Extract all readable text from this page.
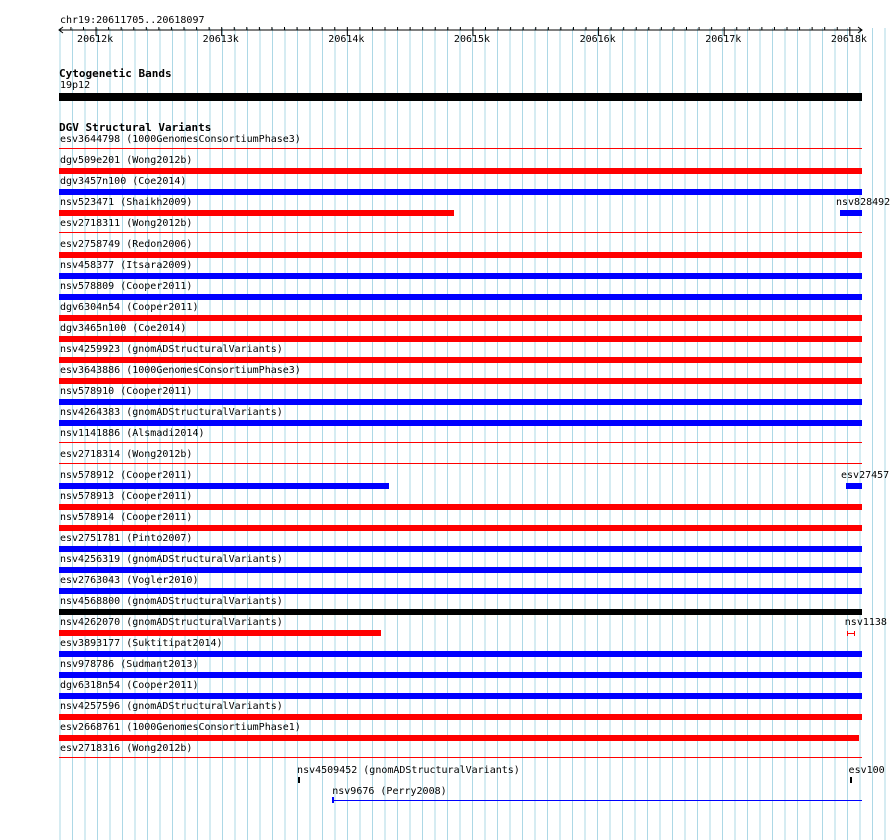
chr19:20611705..20618097
Cytogenetic Bands
19p12
DGV Structural Variants
esv3644798 (1000GenomesConsortiumPhase3)
dgv509e201 (Wong2012b)
dgv3457n100 (Coe2014)
nsv523471 (Shaikh2009)	nsv828492
esv2718311 (Wong2012b)
esv2758749 (Redon2006)
nsv458377 (Itsara2009)
nsv578809 (Cooper2011)
dgv6304n54 (Cooper2011)
dgv3465n100 (Coe2014)
nsv4259923 (gnomADStructuralVariants)
esv3643886 (1000GenomesConsortiumPhase3)
nsv578910 (Cooper2011)
nsv4264383 (gnomADStructuralVariants)
nsv1141886 (Alsmadi2014)
esv2718314 (Wong2012b)
nsv578912 (Cooper2011)	esv27457
nsv578913 (Cooper2011)
nsv578914 (Cooper2011)
esv2751781 (Pinto2007)
nsv4256319 (gnomADStructuralVariants)
esv2763043 (Vogler2010)
nsv4568800 (gnomADStructuralVariants)
nsv4262070 (gnomADStructuralVariants)	nsv1138
esv3893177 (Suktitipat2014)
nsv978786 (Sudmant2013)
dgv6318n54 (Cooper2011)
nsv4257596 (gnomADStructuralVariants)
esv2668761 (1000GenomesConsortiumPhase1)
esv2718316 (Wong2012b)
nsv4509452 (gnomADStructuralVariants)	esv100
nsv9676 (Perry2008)
20612k	20613k	20614k	20615k	20616k	20617k	20618k
